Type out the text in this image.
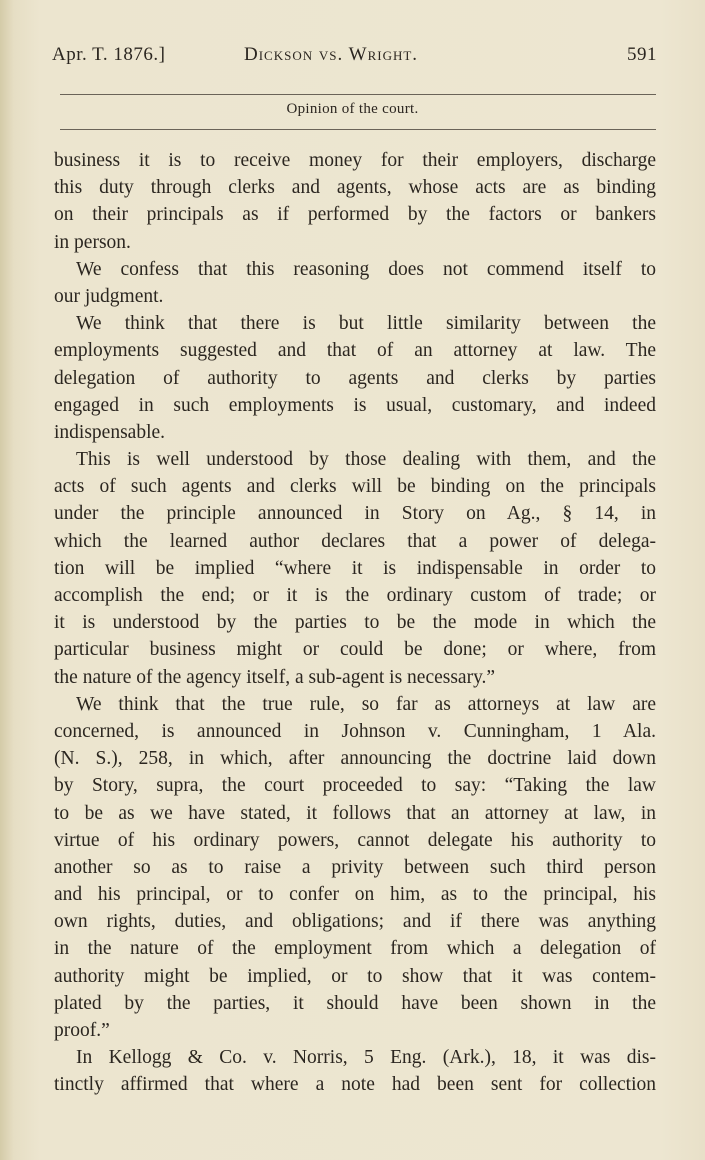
Apr. T. 1876.]	Dickson vs. Wright.	591
Opinion of the court.
business it is to receive money for their employers, discharge
this duty through clerks and agents, whose acts are as binding
on their principals as if performed by the factors or bankers
in person.
We confess that this reasoning does not commend itself to
our judgment.
We think that there is but little similarity between the
employments suggested and that of an attorney at law. The
delegation of authority to agents and clerks by parties
engaged in such employments is usual, customary, and indeed
indispensable.
This is well understood by those dealing with them, and the
acts of such agents and clerks will be binding on the principals
under the principle announced in Story on Ag., § 14, in
which the learned author declares that a power of delega-
tion will be implied “where it is indispensable in order to
accomplish the end; or it is the ordinary custom of trade; or
it is understood by the parties to be the mode in which the
particular business might or could be done; or where, from
the nature of the agency itself, a sub-agent is necessary.”
We think that the true rule, so far as attorneys at law are
concerned, is announced in Johnson v. Cunningham, 1 Ala.
(N. S.), 258, in which, after announcing the doctrine laid down
by Story, supra, the court proceeded to say: “Taking the law
to be as we have stated, it follows that an attorney at law, in
virtue of his ordinary powers, cannot delegate his authority to
another so as to raise a privity between such third person
and his principal, or to confer on him, as to the principal, his
own rights, duties, and obligations; and if there was anything
in the nature of the employment from which a delegation of
authority might be implied, or to show that it was contem-
plated by the parties, it should have been shown in the
proof.”
In Kellogg & Co. v. Norris, 5 Eng. (Ark.), 18, it was dis-
tinctly affirmed that where a note had been sent for collection
